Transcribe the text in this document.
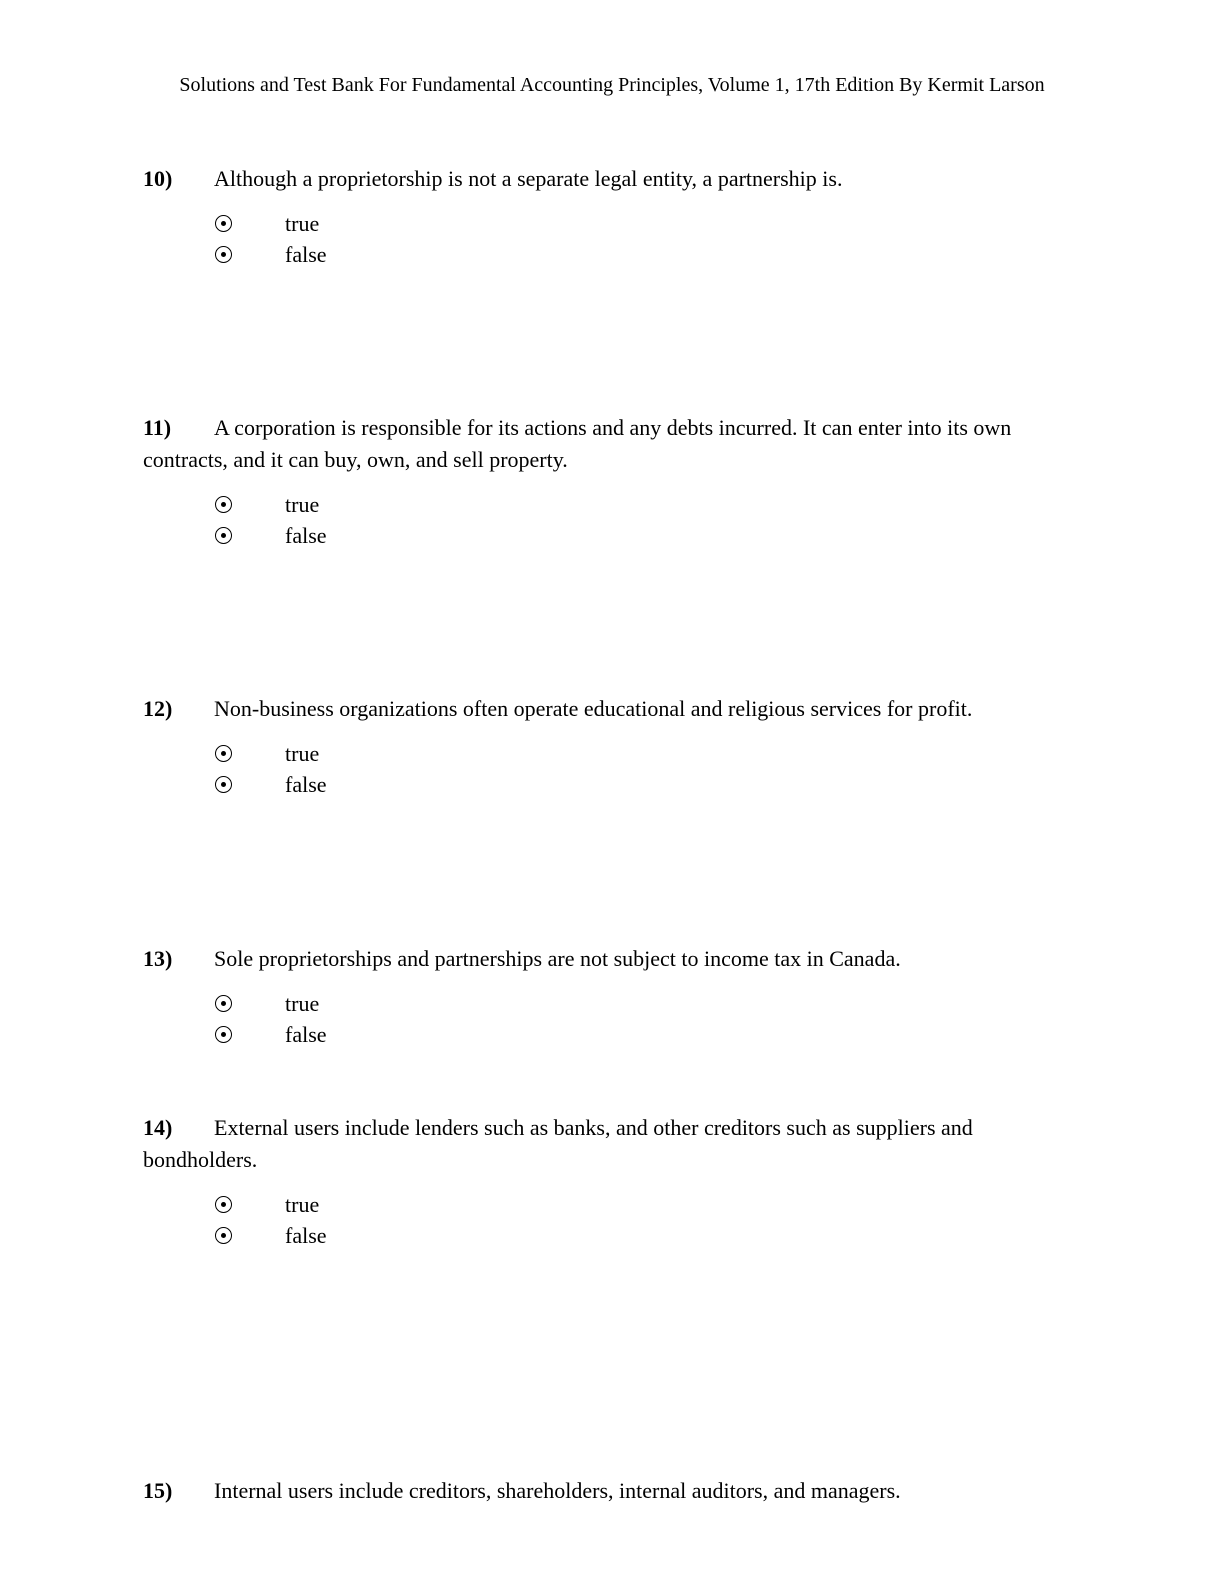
Solutions and Test Bank For Fundamental Accounting Principles, Volume 1, 17th Edition By Kermit Larson

10) Although a proprietorship is not a separate legal entity, a partnership is.

true
false

11) A corporation is responsible for its actions and any debts incurred. It can enter into its own contracts, and it can buy, own, and sell property.

true
false

12) Non-business organizations often operate educational and religious services for profit.

true
false

13) Sole proprietorships and partnerships are not subject to income tax in Canada.

true
false

14) External users include lenders such as banks, and other creditors such as suppliers and bondholders.

true
false

15) Internal users include creditors, shareholders, internal auditors, and managers.
